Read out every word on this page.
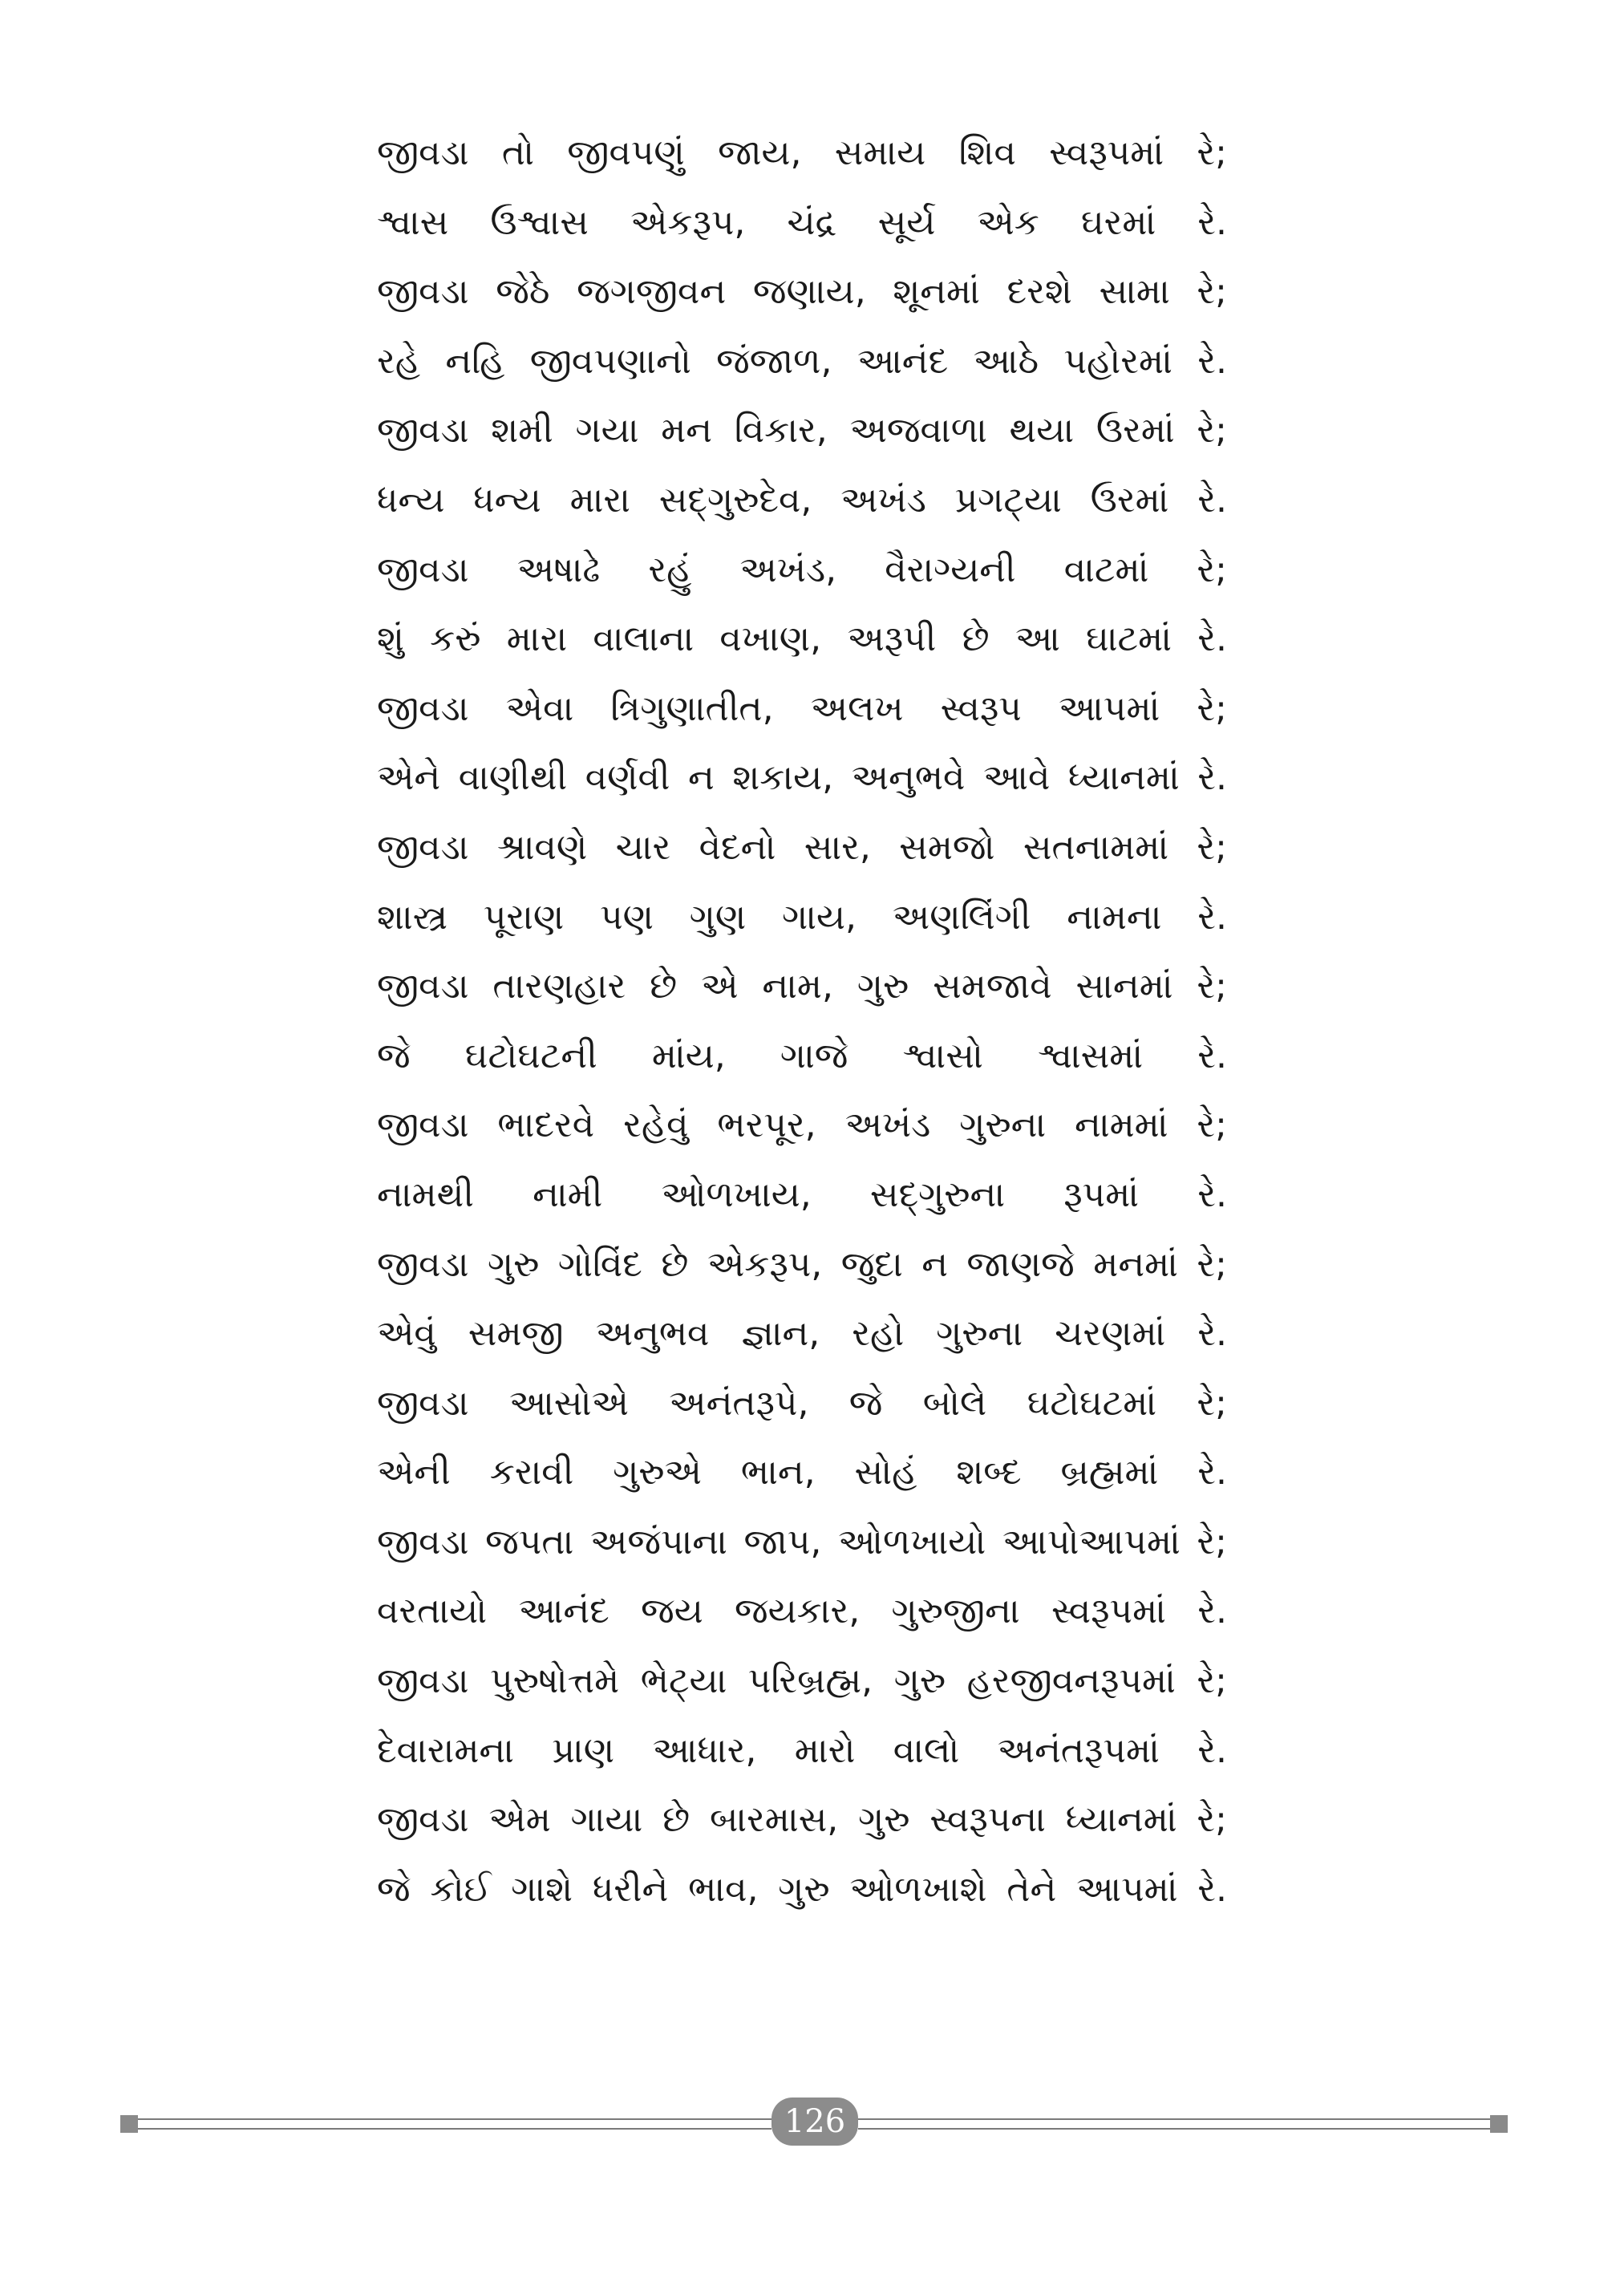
જીવડા તો જીવપણું જાય, સમાય શિવ સ્વરૂપમાં રે;
શ્વાસ ઉશ્વાસ એકરૂપ, ચંદ્ર સૂર્ય એક ઘરમાં રે.
જીવડા જેઠે જગજીવન જણાય, શૂનમાં દરશે સામા રે;
રહે નહિ જીવપણાનો જંજાળ, આનંદ આઠે પહોરમાં રે.
જીવડા શમી ગયા મન વિકાર, અજવાળા થયા ઉરમાં રે;
ધન્ય ધન્ય મારા સદ્ગુરુદેવ, અખંડ પ્રગટ્યા ઉરમાં રે.
જીવડા અષાઢે રહું અખંડ, વૈરાગ્યની વાટમાં રે;
શું કરું મારા વાલાના વખાણ, અરૂપી છે આ ઘાટમાં રે.
જીવડા એવા ત્રિગુણાતીત, અલખ સ્વરૂપ આપમાં રે;
એને વાણીથી વર્ણવી ન શકાય, અનુભવે આવે ધ્યાનમાં રે.
જીવડા શ્રાવણે ચાર વેદનો સાર, સમજો સતનામમાં રે;
શાસ્ત્ર પૂરાણ પણ ગુણ ગાય, અણલિંગી નામના રે.
જીવડા તારણહાર છે એ નામ, ગુરુ સમજાવે સાનમાં રે;
જે ઘટોઘટની માંય, ગાજે શ્વાસો શ્વાસમાં રે.
જીવડા ભાદરવે રહેવું ભરપૂર, અખંડ ગુરુના નામમાં રે;
નામથી નામી ઓળખાય, સદ્ગુરુના રૂપમાં રે.
જીવડા ગુરુ ગોવિંદ છે એકરૂપ, જુદા ન જાણજે મનમાં રે;
એવું સમજી અનુભવ જ્ઞાન, રહો ગુરુના ચરણમાં રે.
જીવડા આસોએ અનંતરૂપે, જે બોલે ઘટોઘટમાં રે;
એની કરાવી ગુરુએ ભાન, સોહં શબ્દ બ્રહ્મમાં રે.
જીવડા જપતા અજંપાના જાપ, ઓળખાયો આપોઆપમાં રે;
વરતાયો આનંદ જય જયકાર, ગુરુજીના સ્વરૂપમાં રે.
જીવડા પુરુષોત્તમે ભેટ્યા પરિબ્રહ્મ, ગુરુ હરજીવનરૂપમાં રે;
દેવારામના પ્રાણ આધાર, મારો વાલો અનંતરૂપમાં રે.
જીવડા એમ ગાયા છે બારમાસ, ગુરુ સ્વરૂપના ધ્યાનમાં રે;
જે કોઈ ગાશે ધરીને ભાવ, ગુરુ ઓળખાશે તેને આપમાં રે.
126
